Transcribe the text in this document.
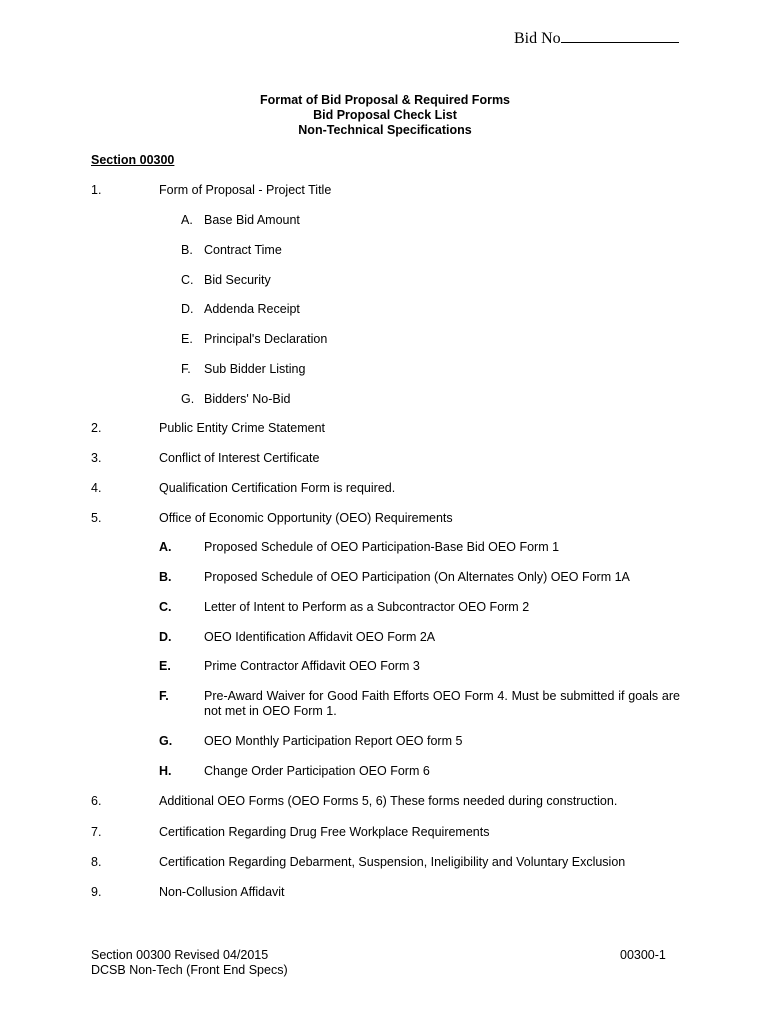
Bid No
Format of Bid Proposal & Required Forms
Bid Proposal Check List
Non-Technical Specifications
Section 00300
1.	Form of Proposal - Project Title
A. Base Bid Amount
B. Contract Time
C. Bid Security
D. Addenda Receipt
E. Principal's Declaration
F. Sub Bidder Listing
G. Bidders' No-Bid
2.	Public Entity Crime Statement
3.	Conflict of Interest Certificate
4.	Qualification Certification Form is required.
5.	Office of Economic Opportunity (OEO) Requirements
A.	Proposed Schedule of OEO Participation-Base Bid OEO Form 1
B.	Proposed Schedule of OEO Participation (On Alternates Only) OEO Form 1A
C.	Letter of Intent to Perform as a Subcontractor OEO Form 2
D.	OEO Identification Affidavit OEO Form 2A
E.	Prime Contractor Affidavit OEO Form 3
F.	Pre-Award Waiver for Good Faith Efforts OEO Form 4. Must be submitted if goals are not met in OEO Form 1.
G.	OEO Monthly Participation Report OEO form 5
H.	Change Order Participation OEO Form 6
6.	Additional OEO Forms (OEO Forms 5, 6) These forms needed during construction.
7.	Certification Regarding Drug Free Workplace Requirements
8.	Certification Regarding Debarment, Suspension, Ineligibility and Voluntary Exclusion
9.	Non-Collusion Affidavit
Section 00300 Revised 04/2015
DCSB Non-Tech (Front End Specs)
00300-1
